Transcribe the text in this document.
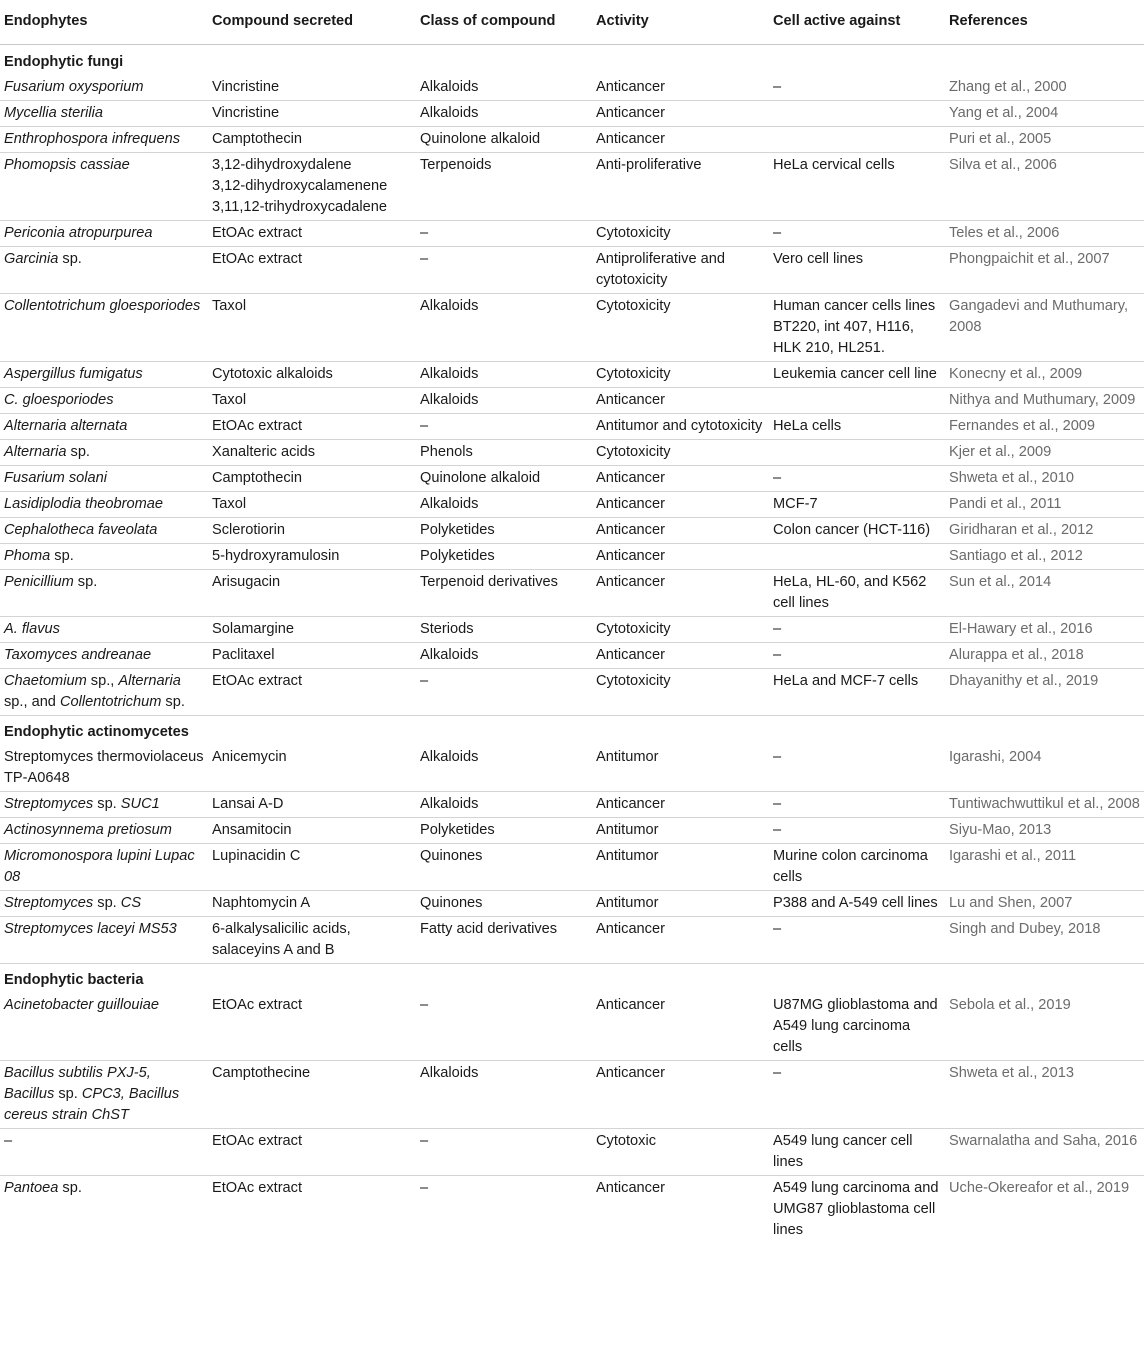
Endophytes	Compound secreted	Class of compound	Activity	Cell active against	References
Endophytic fungi					
Fusarium oxysporium	Vincristine	Alkaloids	Anticancer	–	Zhang et al., 2000
Mycellia sterilia	Vincristine	Alkaloids	Anticancer		Yang et al., 2004
Enthrophospora infrequens	Camptothecin	Quinolone alkaloid	Anticancer		Puri et al., 2005
Phomopsis cassiae	3,12-dihydroxydalene
3,12-dihydroxycalamenene
3,11,12-trihydroxycadalene	Terpenoids	Anti-proliferative	HeLa cervical cells	Silva et al., 2006
Periconia atropurpurea	EtOAc extract	–	Cytotoxicity	–	Teles et al., 2006
Garcinia sp.	EtOAc extract	–	Antiproliferative and cytotoxicity	Vero cell lines	Phongpaichit et al., 2007
Collentotrichum gloesporiodes	Taxol	Alkaloids	Cytotoxicity	Human cancer cells lines BT220, int 407, H116, HLK 210, HL251.	Gangadevi and Muthumary, 2008
Aspergillus fumigatus	Cytotoxic alkaloids	Alkaloids	Cytotoxicity	Leukemia cancer cell line	Konecny et al., 2009
C. gloesporiodes	Taxol	Alkaloids	Anticancer		Nithya and Muthumary, 2009
Alternaria alternata	EtOAc extract	–	Antitumor and cytotoxicity	HeLa cells	Fernandes et al., 2009
Alternaria sp.	Xanalteric acids	Phenols	Cytotoxicity		Kjer et al., 2009
Fusarium solani	Camptothecin	Quinolone alkaloid	Anticancer	–	Shweta et al., 2010
Lasidiplodia theobromae	Taxol	Alkaloids	Anticancer	MCF-7	Pandi et al., 2011
Cephalotheca faveolata	Sclerotiorin	Polyketides	Anticancer	Colon cancer (HCT-116)	Giridharan et al., 2012
Phoma sp.	5-hydroxyramulosin	Polyketides	Anticancer		Santiago et al., 2012
Penicillium sp.	Arisugacin	Terpenoid derivatives	Anticancer	HeLa, HL-60, and K562 cell lines	Sun et al., 2014
A. flavus	Solamargine	Steriods	Cytotoxicity	–	El-Hawary et al., 2016
Taxomyces andreanae	Paclitaxel	Alkaloids	Anticancer	–	Alurappa et al., 2018
Chaetomium sp., Alternaria sp., and Collentotrichum sp.	EtOAc extract	–	Cytotoxicity	HeLa and MCF-7 cells	Dhayanithy et al., 2019
Endophytic actinomycetes					
Streptomyces thermoviolaceus TP-A0648	Anicemycin	Alkaloids	Antitumor	–	Igarashi, 2004
Streptomyces sp. SUC1	Lansai A-D	Alkaloids	Anticancer	–	Tuntiwachwuttikul et al., 2008
Actinosynnema pretiosum	Ansamitocin	Polyketides	Antitumor	–	Siyu-Mao, 2013
Micromonospora lupini Lupac 08	Lupinacidin C	Quinones	Antitumor	Murine colon carcinoma cells	Igarashi et al., 2011
Streptomyces sp. CS	Naphtomycin A	Quinones	Antitumor	P388 and A-549 cell lines	Lu and Shen, 2007
Streptomyces laceyi MS53	6-alkalysalicilic acids, salaceyins A and B	Fatty acid derivatives	Anticancer	–	Singh and Dubey, 2018
Endophytic bacteria					
Acinetobacter guillouiae	EtOAc extract	–	Anticancer	U87MG glioblastoma and A549 lung carcinoma cells	Sebola et al., 2019
Bacillus subtilis PXJ-5, Bacillus sp. CPC3, Bacillus cereus strain ChST	Camptothecine	Alkaloids	Anticancer	–	Shweta et al., 2013
–	EtOAc extract	–	Cytotoxic	A549 lung cancer cell lines	Swarnalatha and Saha, 2016
Pantoea sp.	EtOAc extract	–	Anticancer	A549 lung carcinoma and UMG87 glioblastoma cell lines	Uche-Okereafor et al., 2019
